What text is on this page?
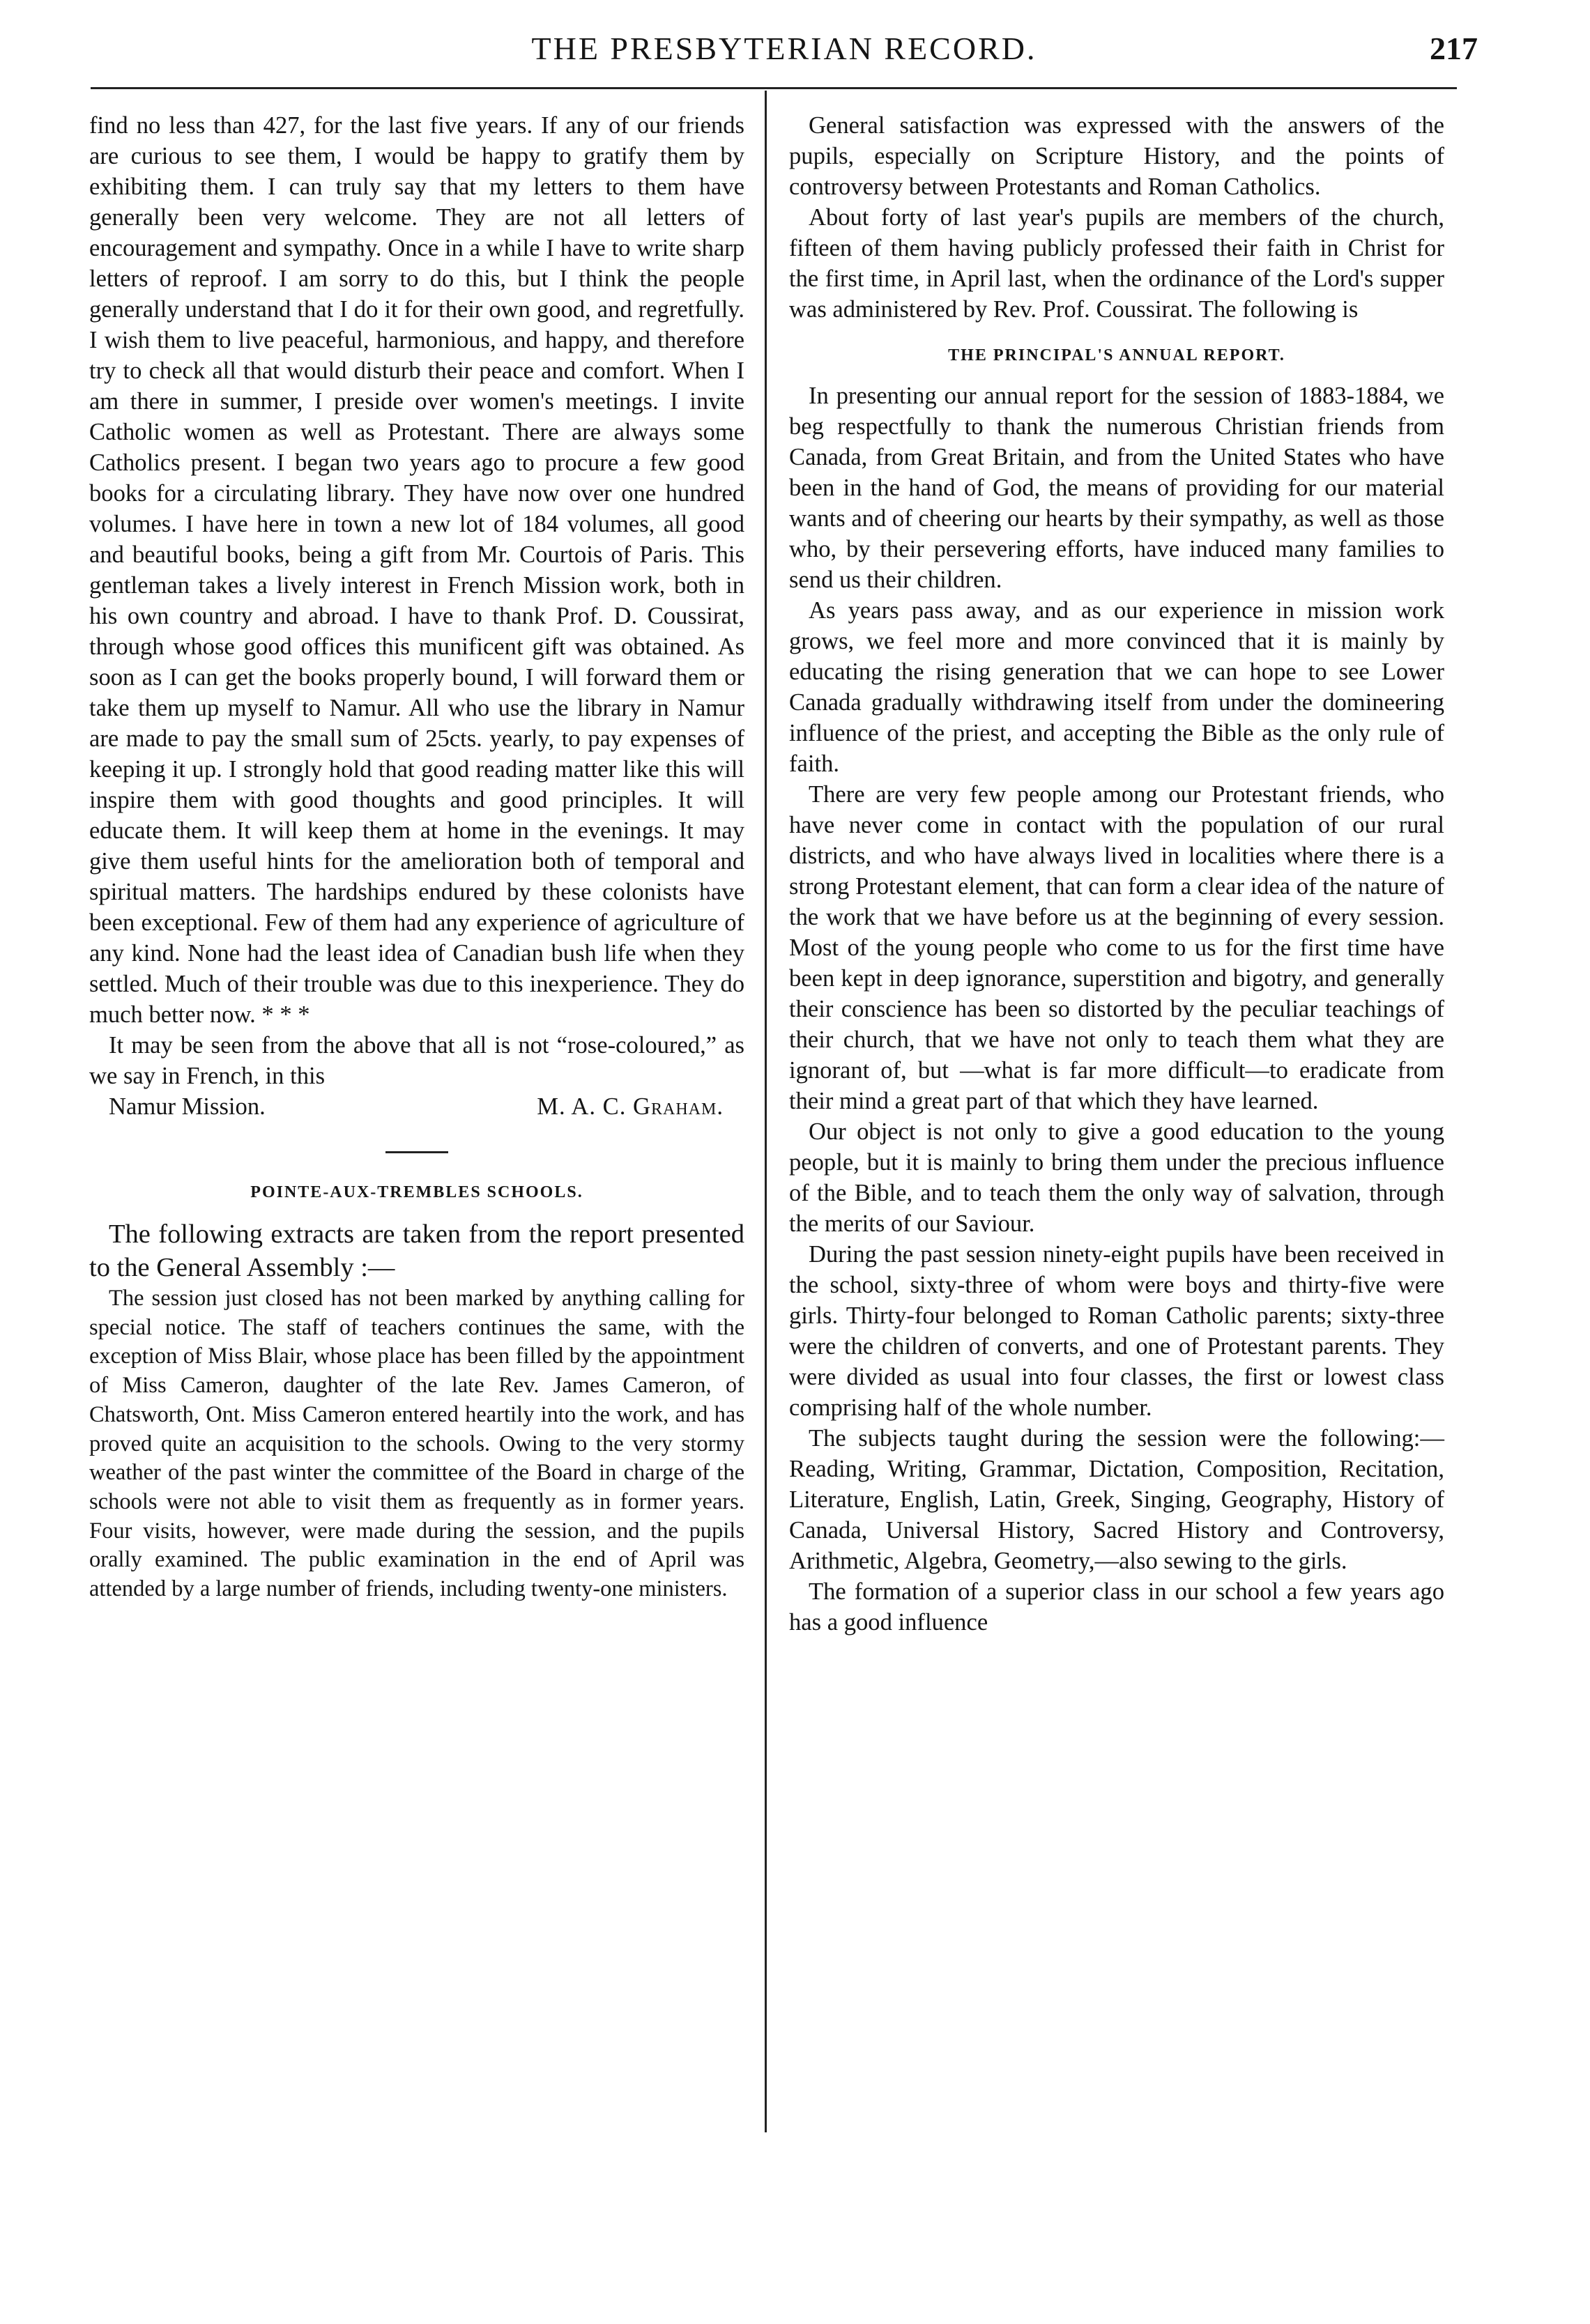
THE PRESBYTERIAN RECORD.	217

find no less than 427, for the last five years. If any of our friends are curious to see them, I would be happy to gratify them by exhibiting them. I can truly say that my letters to them have generally been very welcome. They are not all letters of encouragement and sympathy. Once in a while I have to write sharp letters of reproof. I am sorry to do this, but I think the people generally understand that I do it for their own good, and regretfully. I wish them to live peaceful, harmonious, and happy, and therefore try to check all that would disturb their peace and comfort. When I am there in summer, I preside over women's meetings. I invite Catholic women as well as Protestant. There are always some Catholics present. I began two years ago to procure a few good books for a circulating library. They have now over one hundred volumes. I have here in town a new lot of 184 volumes, all good and beautiful books, being a gift from Mr. Courtois of Paris. This gentleman takes a lively interest in French Mission work, both in his own country and abroad. I have to thank Prof. D. Coussirat, through whose good offices this munificent gift was obtained. As soon as I can get the books properly bound, I will forward them or take them up myself to Namur. All who use the library in Namur are made to pay the small sum of 25cts. yearly, to pay expenses of keeping it up. I strongly hold that good reading matter like this will inspire them with good thoughts and good principles. It will educate them. It will keep them at home in the evenings. It may give them useful hints for the amelioration both of temporal and spiritual matters. The hardships endured by these colonists have been exceptional. Few of them had any experience of agriculture of any kind. None had the least idea of Canadian bush life when they settled. Much of their trouble was due to this inexperience. They do much better now. * * *

It may be seen from the above that all is not “rose-coloured,” as we say in French, in this

Namur Mission.	M. A. C. Graham.

POINTE-AUX-TREMBLES SCHOOLS.

The following extracts are taken from the report presented to the General Assembly :—

The session just closed has not been marked by anything calling for special notice. The staff of teachers continues the same, with the exception of Miss Blair, whose place has been filled by the appointment of Miss Cameron, daughter of the late Rev. James Cameron, of Chatsworth, Ont. Miss Cameron entered heartily into the work, and has proved quite an acquisition to the schools. Owing to the very stormy weather of the past winter the committee of the Board in charge of the schools were not able to visit them as frequently as in former years. Four visits, however, were made during the session, and the pupils orally examined. The public examination in the end of April was attended by a large number of friends, including twenty-one ministers.

General satisfaction was expressed with the answers of the pupils, especially on Scripture History, and the points of controversy between Protestants and Roman Catholics.

About forty of last year's pupils are members of the church, fifteen of them having publicly professed their faith in Christ for the first time, in April last, when the ordinance of the Lord's supper was administered by Rev. Prof. Coussirat. The following is

THE PRINCIPAL'S ANNUAL REPORT.

In presenting our annual report for the session of 1883-1884, we beg respectfully to thank the numerous Christian friends from Canada, from Great Britain, and from the United States who have been in the hand of God, the means of providing for our material wants and of cheering our hearts by their sympathy, as well as those who, by their persevering efforts, have induced many families to send us their children.

As years pass away, and as our experience in mission work grows, we feel more and more convinced that it is mainly by educating the rising generation that we can hope to see Lower Canada gradually withdrawing itself from under the domineering influence of the priest, and accepting the Bible as the only rule of faith.

There are very few people among our Protestant friends, who have never come in contact with the population of our rural districts, and who have always lived in localities where there is a strong Protestant element, that can form a clear idea of the nature of the work that we have before us at the beginning of every session. Most of the young people who come to us for the first time have been kept in deep ignorance, superstition and bigotry, and generally their conscience has been so distorted by the peculiar teachings of their church, that we have not only to teach them what they are ignorant of, but —what is far more difficult—to eradicate from their mind a great part of that which they have learned.

Our object is not only to give a good education to the young people, but it is mainly to bring them under the precious influence of the Bible, and to teach them the only way of salvation, through the merits of our Saviour.

During the past session ninety-eight pupils have been received in the school, sixty-three of whom were boys and thirty-five were girls. Thirty-four belonged to Roman Catholic parents; sixty-three were the children of converts, and one of Protestant parents. They were divided as usual into four classes, the first or lowest class comprising half of the whole number.

The subjects taught during the session were the following:—Reading, Writing, Grammar, Dictation, Composition, Recitation, Literature, English, Latin, Greek, Singing, Geography, History of Canada, Universal History, Sacred History and Controversy, Arithmetic, Algebra, Geometry,—also sewing to the girls.

The formation of a superior class in our school a few years ago has a good influence
